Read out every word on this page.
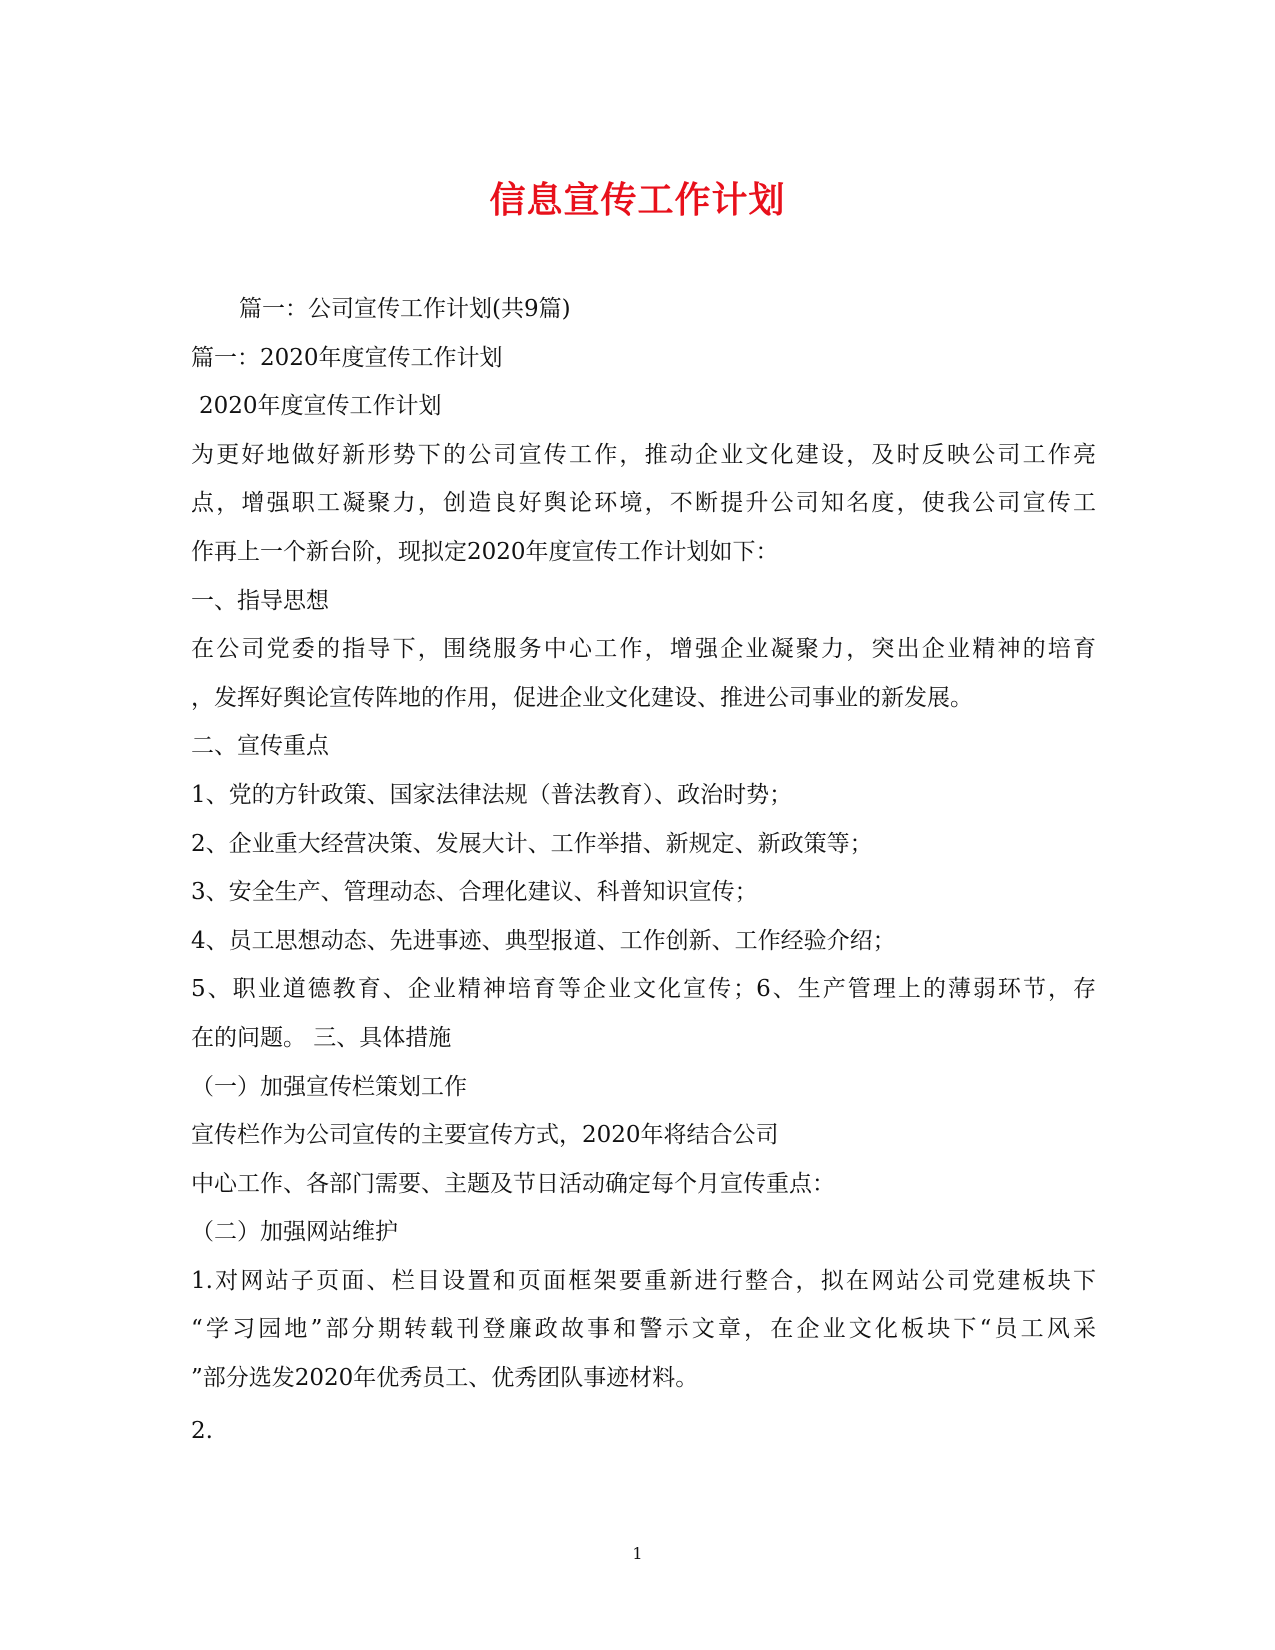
信息宣传工作计划
篇一：公司宣传工作计划(共9篇)
篇一：2020年度宣传工作计划
2020年度宣传工作计划
为更好地做好新形势下的公司宣传工作，推动企业文化建设，及时反映公司工作亮
点，增强职工凝聚力，创造良好舆论环境，不断提升公司知名度，使我公司宣传工
作再上一个新台阶，现拟定2020年度宣传工作计划如下：
一、指导思想
在公司党委的指导下，围绕服务中心工作，增强企业凝聚力，突出企业精神的培育
，发挥好舆论宣传阵地的作用，促进企业文化建设、推进公司事业的新发展。
二、宣传重点
1、党的方针政策、国家法律法规（普法教育）、政治时势；
2、企业重大经营决策、发展大计、工作举措、新规定、新政策等；
3、安全生产、管理动态、合理化建议、科普知识宣传；
4、员工思想动态、先进事迹、典型报道、工作创新、工作经验介绍；
5、职业道德教育、企业精神培育等企业文化宣传；6、生产管理上的薄弱环节，存
在的问题。 三、具体措施
（一）加强宣传栏策划工作
宣传栏作为公司宣传的主要宣传方式，2020年将结合公司
中心工作、各部门需要、主题及节日活动确定每个月宣传重点：
（二）加强网站维护
1.对网站子页面、栏目设置和页面框架要重新进行整合，拟在网站公司党建板块下
“学习园地”部分期转载刊登廉政故事和警示文章，在企业文化板块下“员工风采
”部分选发2020年优秀员工、优秀团队事迹材料。
2.
1
